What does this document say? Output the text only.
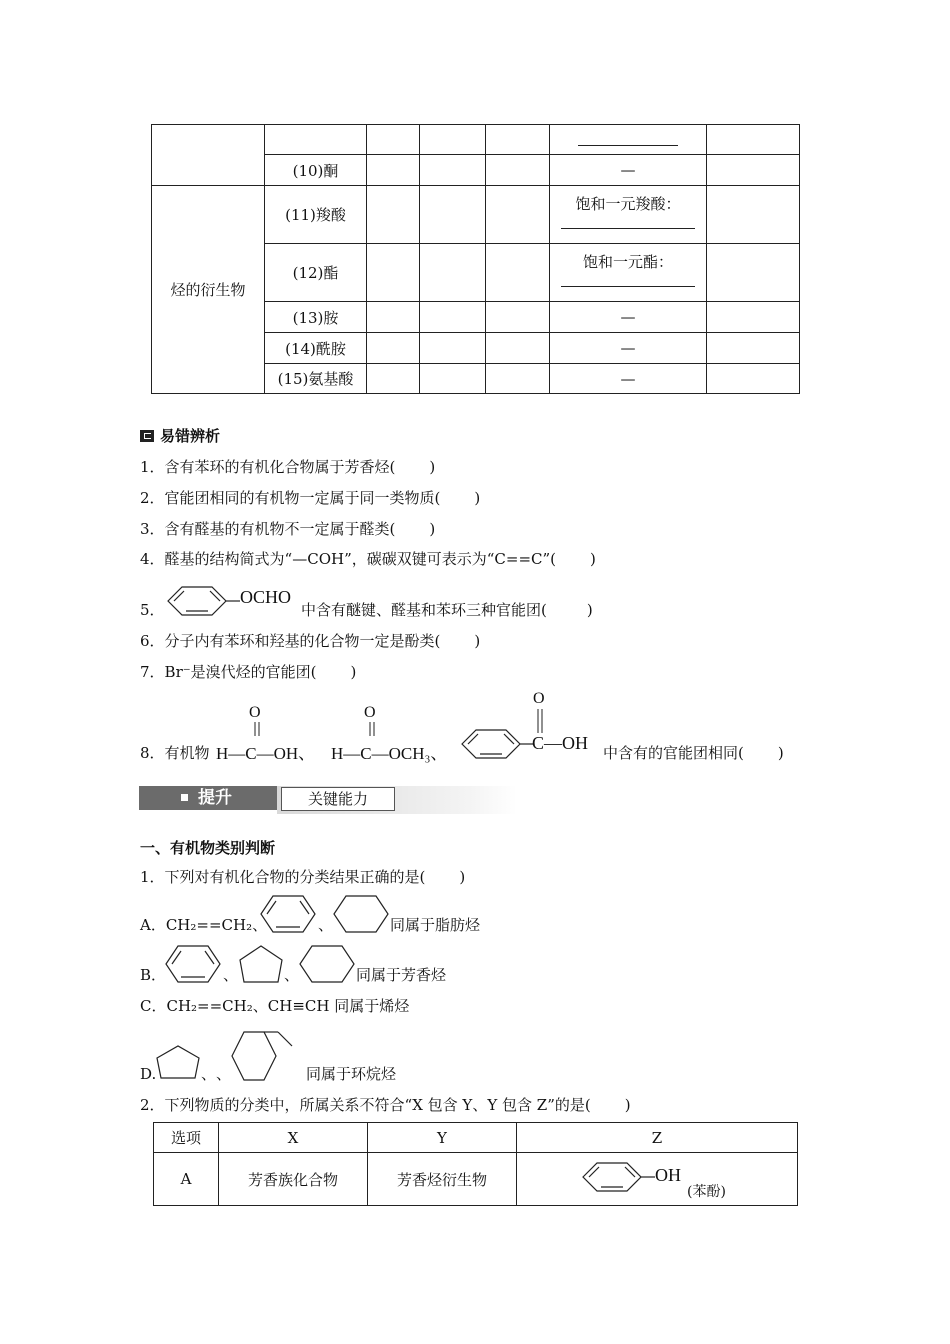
	(10)酮				—	
烃的衍生物	(11)羧酸				饱和一元羧酸：	

	(12)酯				饱和一元酯：	

	(13)胺				—	
	(14)酰胺				—	
	(15)氨基酸				—	
易错辨析
1．含有苯环的有机化合物属于芳香烃( )
2．官能团相同的有机物一定属于同一类物质( )
3．含有醛基的有机物不一定属于醛类( )
4．醛基的结构简式为“—COH”，碳碳双键可表示为“C==C”( )
5．
OCHO
中含有醚键、醛基和苯环三种官能团(	)
6．分子内有苯环和羟基的化合物一定是酚类( )
7．Br⁻是溴代烃的官能团( )
8．有机物
O
H—C—OH、
O
H—C—OCH₃、
O
C—OH 中含有的官能团相同( )
提升	关键能力
一、有机物类别判断
1．下列对有机化合物的分类结果正确的是( )
A．CH₂==CH₂、	、	同属于脂肪烃
B．	、	、	同属于芳香烃
C．CH₂==CH₂、CH≡CH 同属于烯烃
D.	、 、	同属于环烷烃
2．下列物质的分类中，所属关系不符合“X 包含 Y、Y 包含 Z”的是( )
选项	X	Y	Z
A	芳香族化合物	芳香烃衍生物	OH
(苯酚)
